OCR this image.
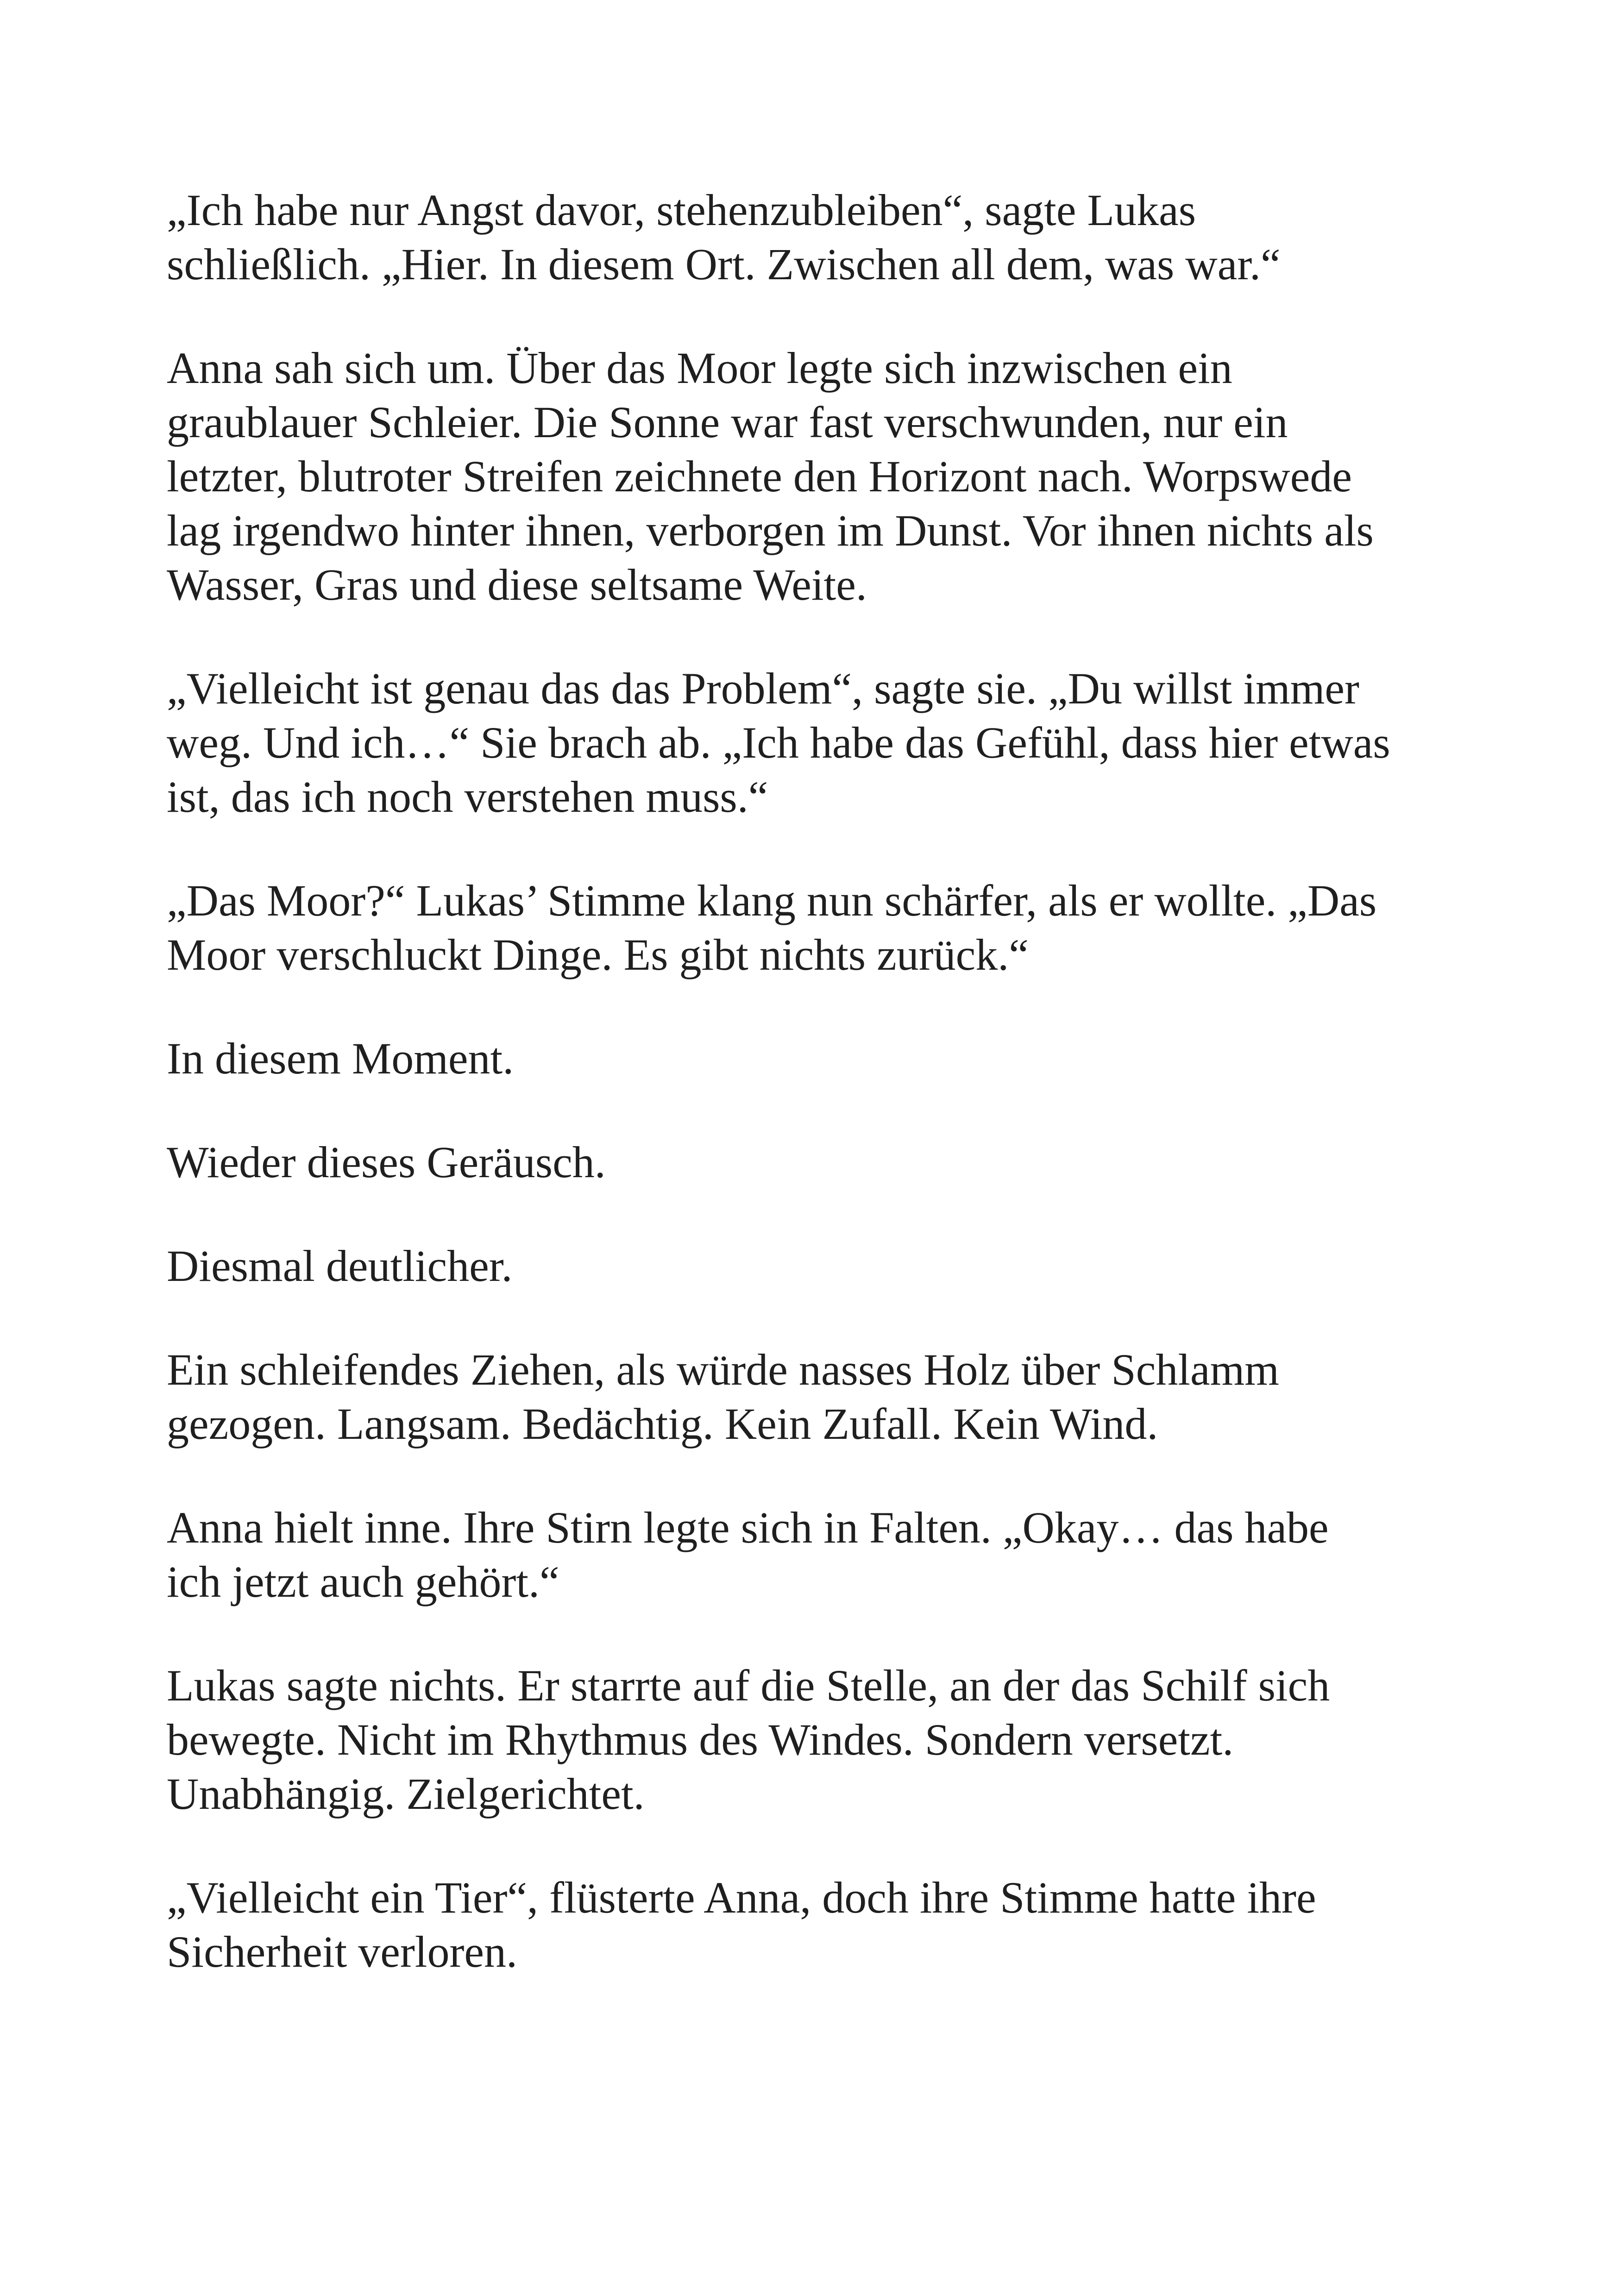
„Ich habe nur Angst davor, stehenzubleiben“, sagte Lukas
schließlich. „Hier. In diesem Ort. Zwischen all dem, was war.“

Anna sah sich um. Über das Moor legte sich inzwischen ein
graublauer Schleier. Die Sonne war fast verschwunden, nur ein
letzter, blutroter Streifen zeichnete den Horizont nach. Worpswede
lag irgendwo hinter ihnen, verborgen im Dunst. Vor ihnen nichts als
Wasser, Gras und diese seltsame Weite.

„Vielleicht ist genau das das Problem“, sagte sie. „Du willst immer
weg. Und ich…“ Sie brach ab. „Ich habe das Gefühl, dass hier etwas
ist, das ich noch verstehen muss.“

„Das Moor?“ Lukas’ Stimme klang nun schärfer, als er wollte. „Das
Moor verschluckt Dinge. Es gibt nichts zurück.“

In diesem Moment.

Wieder dieses Geräusch.

Diesmal deutlicher.

Ein schleifendes Ziehen, als würde nasses Holz über Schlamm
gezogen. Langsam. Bedächtig. Kein Zufall. Kein Wind.

Anna hielt inne. Ihre Stirn legte sich in Falten. „Okay… das habe
ich jetzt auch gehört.“

Lukas sagte nichts. Er starrte auf die Stelle, an der das Schilf sich
bewegte. Nicht im Rhythmus des Windes. Sondern versetzt.
Unabhängig. Zielgerichtet.

„Vielleicht ein Tier“, flüsterte Anna, doch ihre Stimme hatte ihre
Sicherheit verloren.
